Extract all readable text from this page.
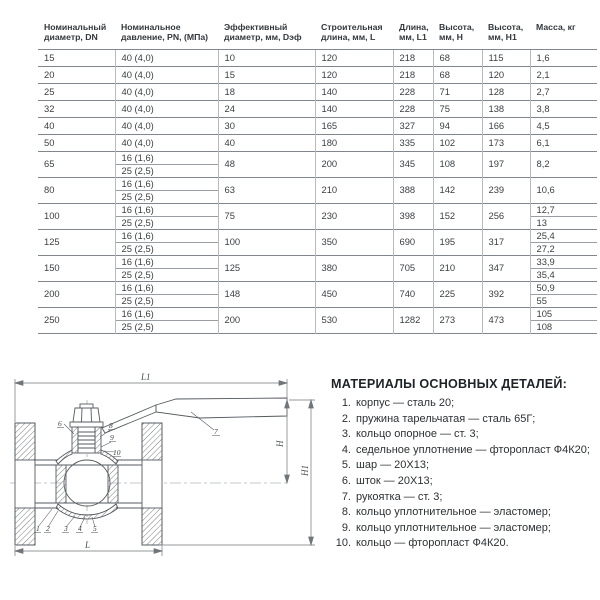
Номинальный диаметр, DN	Номинальное давление, PN, (МПа)	Эффективный диаметр, мм, Dэф	Строительная длина, мм, L	Длина, мм, L1	Высота, мм, H	Высота, мм, H1	Масса, кг
15	40 (4,0)	10	120	218	68	115	1,6
20	40 (4,0)	15	120	218	68	120	2,1
25	40 (4,0)	18	140	228	71	128	2,7
32	40 (4,0)	24	140	228	75	138	3,8
40	40 (4,0)	30	165	327	94	166	4,5
50	40 (4,0)	40	180	335	102	173	6,1
65	16 (1,6)	48	200	345	108	197	8,2
	25 (2,5)						
80	16 (1,6)	63	210	388	142	239	10,6
	25 (2,5)						
100	16 (1,6)	75	230	398	152	256	12,7
	25 (2,5)						13
125	16 (1,6)	100	350	690	195	317	25,4
	25 (2,5)						27,2
150	16 (1,6)	125	380	705	210	347	33,9
	25 (2,5)						35,4
200	16 (1,6)	148	450	740	225	392	50,9
	25 (2,5)						55
250	16 (1,6)	200	530	1282	273	473	105
	25 (2,5)						108
L1
L
H
H1
1 2 3 4 5
6
7
8
9
10
МАТЕРИАЛЫ ОСНОВНЫХ ДЕТАЛЕЙ:
1. корпус — сталь 20;
2. пружина тарельчатая — сталь 65Г;
3. кольцо опорное — ст. 3;
4. седельное уплотнение — фторопласт Ф4К20;
5. шар — 20Х13;
6. шток — 20Х13;
7. рукоятка — ст. 3;
8. кольцо уплотнительное — эластомер;
9. кольцо уплотнительное — эластомер;
10. кольцо — фторопласт Ф4К20.
